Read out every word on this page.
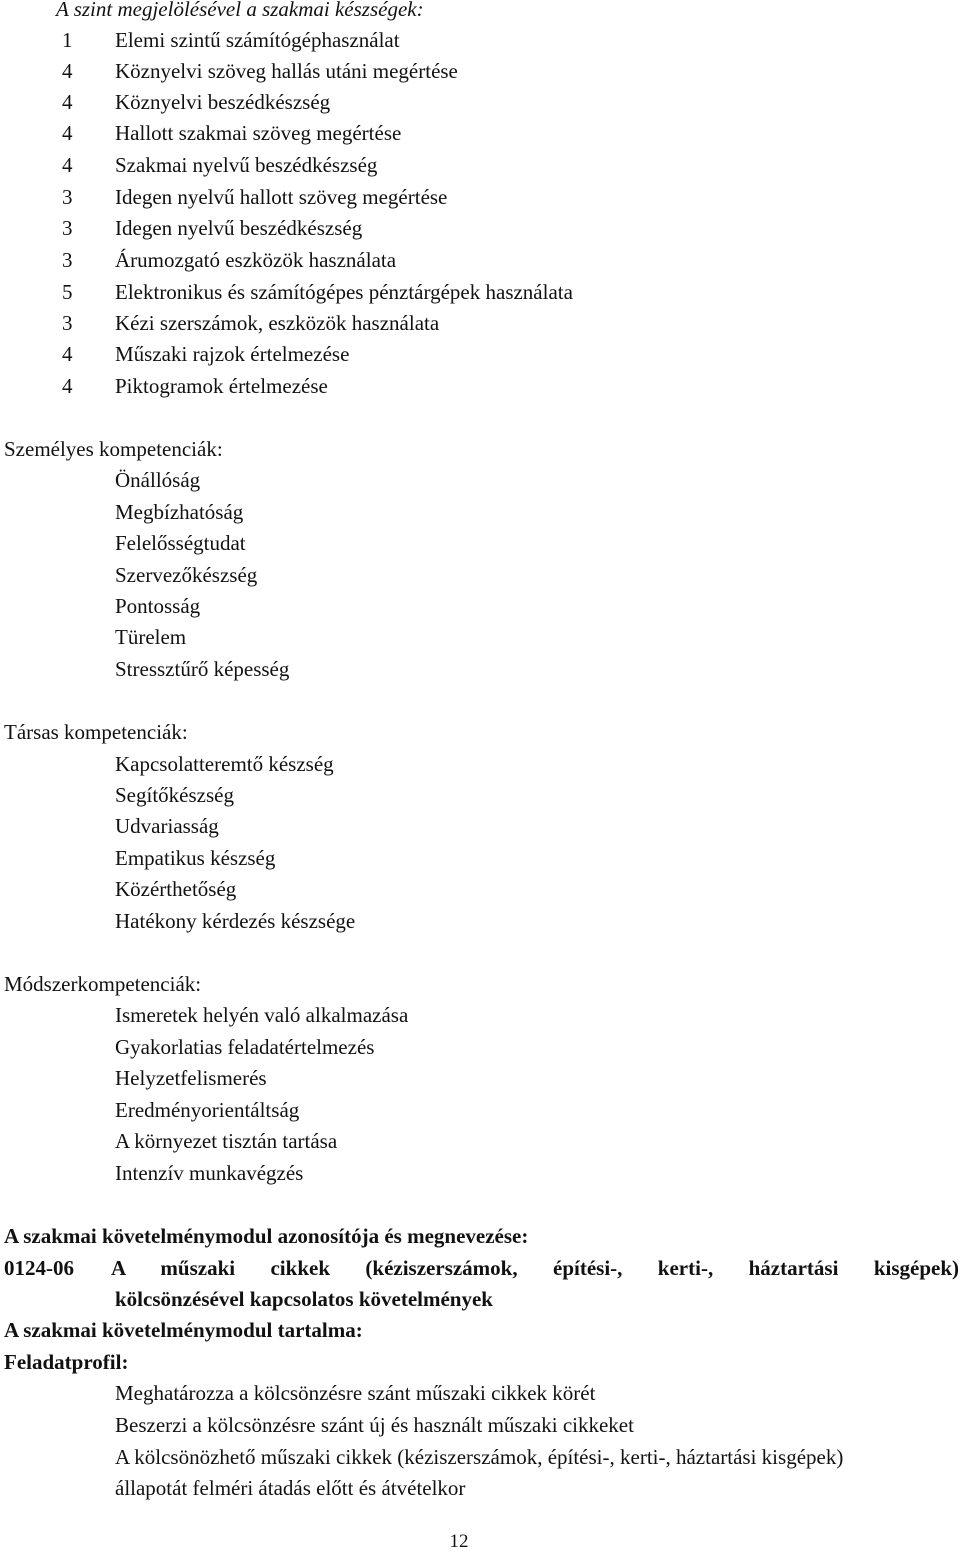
A szint megjelölésével a szakmai készségek:
1 Elemi szintű számítógéphasználat
4 Köznyelvi szöveg hallás utáni megértése
4 Köznyelvi beszédkészség
4 Hallott szakmai szöveg megértése
4 Szakmai nyelvű beszédkészség
3 Idegen nyelvű hallott szöveg megértése
3 Idegen nyelvű beszédkészség
3 Árumozgató eszközök használata
5 Elektronikus és számítógépes pénztárgépek használata
3 Kézi szerszámok, eszközök használata
4 Műszaki rajzok értelmezése
4 Piktogramok értelmezése
Személyes kompetenciák:
Önállóság
Megbízhatóság
Felelősségtudat
Szervezőkészség
Pontosság
Türelem
Stressztűrő képesség
Társas kompetenciák:
Kapcsolatteremtő készség
Segítőkészség
Udvariasság
Empatikus készség
Közérthetőség
Hatékony kérdezés készsége
Módszerkompetenciák:
Ismeretek helyén való alkalmazása
Gyakorlatias feladatértelmezés
Helyzetfelismerés
Eredményorientáltság
A környezet tisztán tartása
Intenzív munkavégzés
A szakmai követelménymodul azonosítója és megnevezése:
0124-06 A műszaki cikkek (kéziszerszámok, építési-, kerti-, háztartási kisgépek)
kölcsönzésével kapcsolatos követelmények
A szakmai követelménymodul tartalma:
Feladatprofil:
Meghatározza a kölcsönzésre szánt műszaki cikkek körét
Beszerzi a kölcsönzésre szánt új és használt műszaki cikkeket
A kölcsönözhető műszaki cikkek (kéziszerszámok, építési-, kerti-, háztartási kisgépek)
állapotát felméri átadás előtt és átvételkor
12
